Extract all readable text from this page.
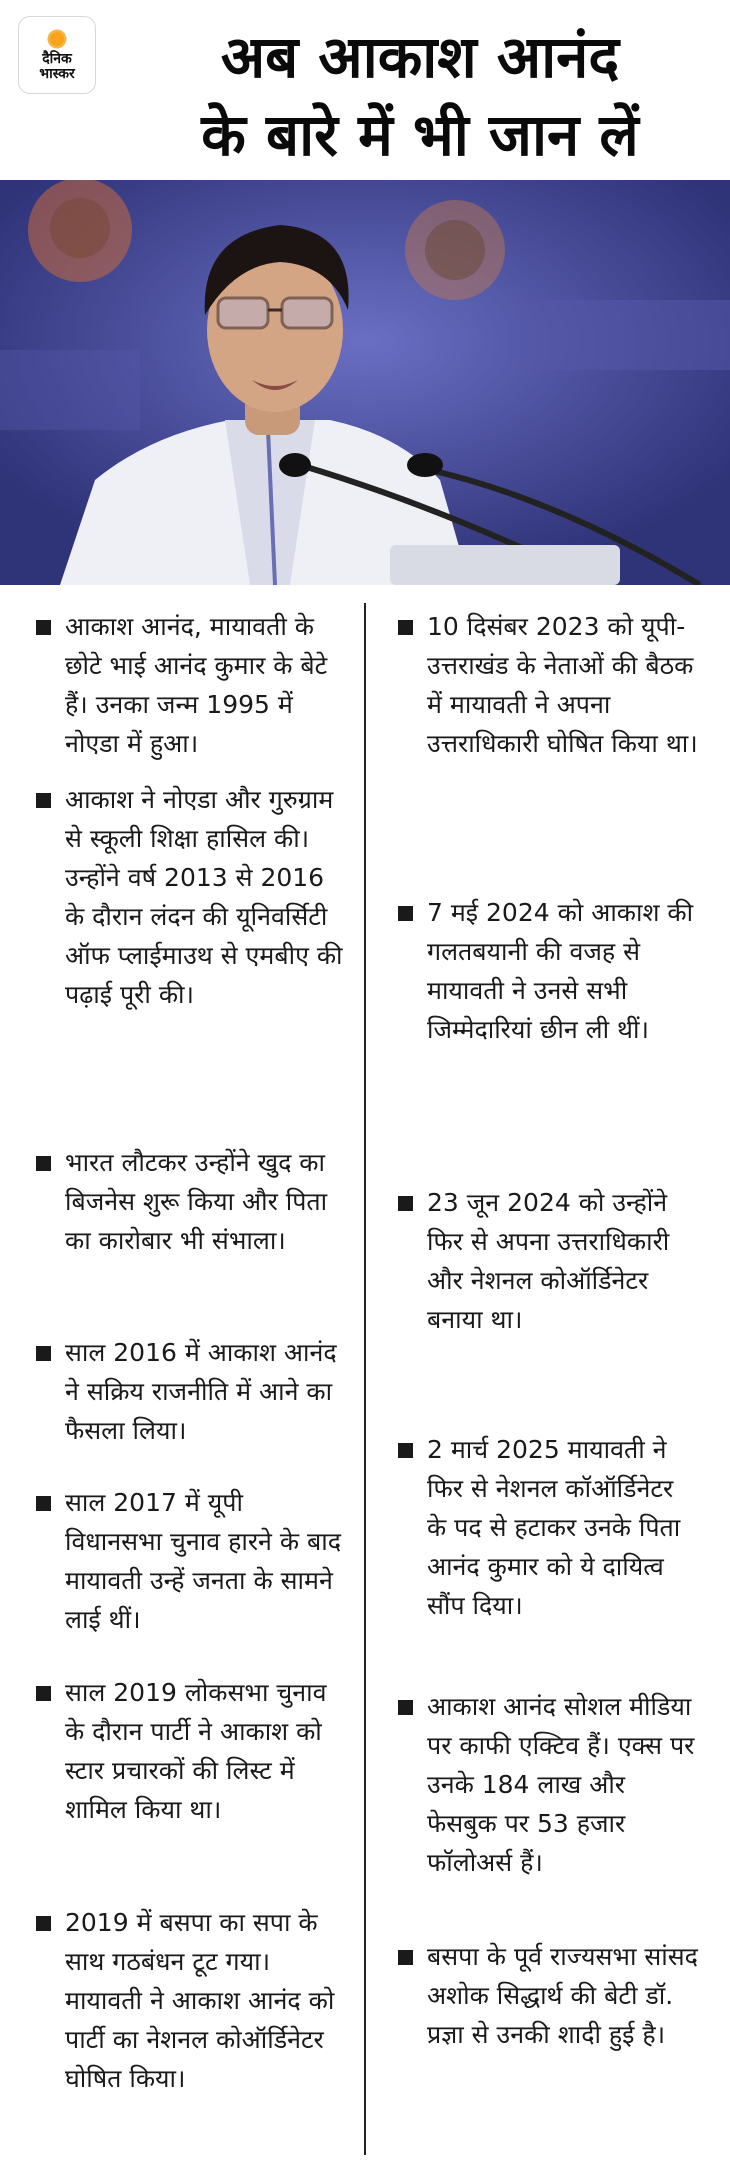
दैनिक
भास्कर	अब आकाश आनंद
के बारे में भी जान लें
आकाश आनंद, मायावती के छोटे भाई आनंद कुमार के बेटे हैं। उनका जन्म 1995 में नोएडा में हुआ।
आकाश ने नोएडा और गुरुग्राम से स्कूली शिक्षा हासिल की। उन्होंने वर्ष 2013 से 2016 के दौरान लंदन की यूनिवर्सिटी ऑफ प्लाईमाउथ से एमबीए की पढ़ाई पूरी की।
भारत लौटकर उन्होंने खुद का बिजनेस शुरू किया और पिता का कारोबार भी संभाला।
साल 2016 में आकाश आनंद ने सक्रिय राजनीति में आने का फैसला लिया।
साल 2017 में यूपी विधानसभा चुनाव हारने के बाद मायावती उन्हें जनता के सामने लाई थीं।
साल 2019 लोकसभा चुनाव के दौरान पार्टी ने आकाश को स्टार प्रचारकों की लिस्ट में शामिल किया था।
2019 में बसपा का सपा के साथ गठबंधन टूट गया। मायावती ने आकाश आनंद को पार्टी का नेशनल कोऑर्डिनेटर घोषित किया।
10 दिसंबर 2023 को यूपी-उत्तराखंड के नेताओं की बैठक में मायावती ने अपना उत्तराधिकारी घोषित किया था।
7 मई 2024 को आकाश की गलतबयानी की वजह से मायावती ने उनसे सभी जिम्मेदारियां छीन ली थीं।
23 जून 2024 को उन्होंने फिर से अपना उत्तराधिकारी और नेशनल कोऑर्डिनेटर बनाया था।
2 मार्च 2025 मायावती ने फिर से नेशनल कॉऑर्डिनेटर के पद से हटाकर उनके पिता आनंद कुमार को ये दायित्व सौंप दिया।
आकाश आनंद सोशल मीडिया पर काफी एक्टिव हैं। एक्स पर उनके 184 लाख और फेसबुक पर 53 हजार फॉलोअर्स हैं।
बसपा के पूर्व राज्यसभा सांसद अशोक सिद्धार्थ की बेटी डॉ. प्रज्ञा से उनकी शादी हुई है।
